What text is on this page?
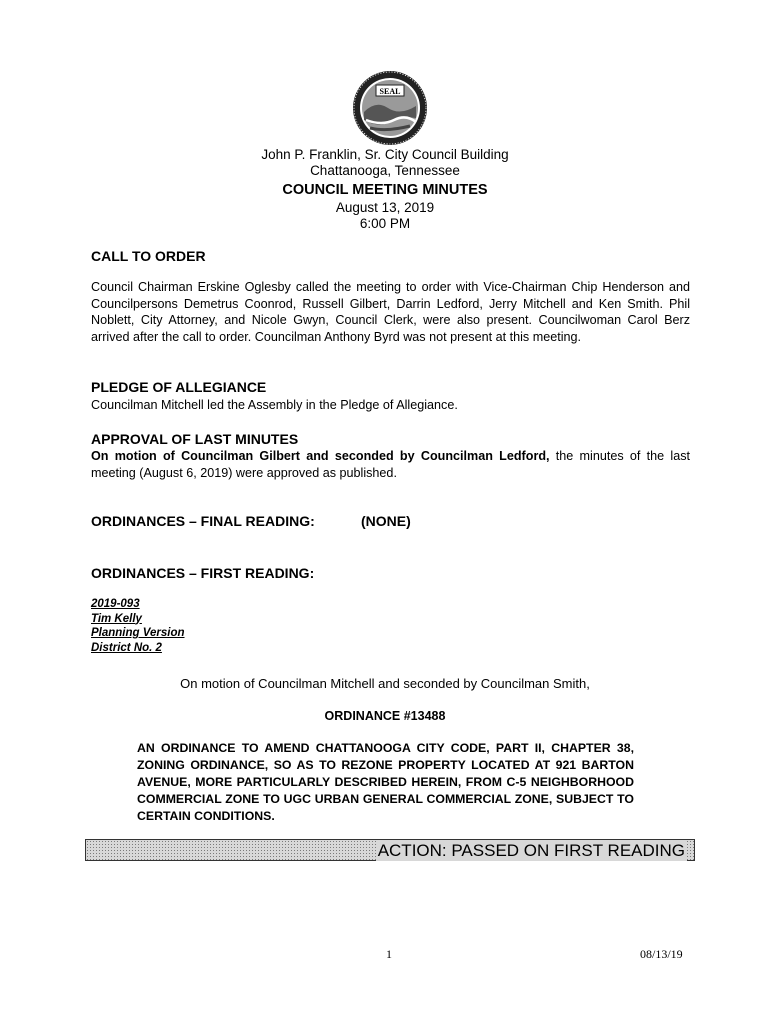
SEAL
John P. Franklin, Sr. City Council Building
Chattanooga, Tennessee
COUNCIL MEETING MINUTES
August 13, 2019
6:00 PM
CALL TO ORDER

Council Chairman Erskine Oglesby called the meeting to order with Vice-Chairman Chip Henderson and Councilpersons Demetrus Coonrod, Russell Gilbert, Darrin Ledford, Jerry Mitchell and Ken Smith. Phil Noblett, City Attorney, and Nicole Gwyn, Council Clerk, were also present. Councilwoman Carol Berz arrived after the call to order. Councilman Anthony Byrd was not present at this meeting.

PLEDGE OF ALLEGIANCE

Councilman Mitchell led the Assembly in the Pledge of Allegiance.

APPROVAL OF LAST MINUTES

On motion of Councilman Gilbert and seconded by Councilman Ledford, the minutes of the last meeting (August 6, 2019) were approved as published.

ORDINANCES – FINAL READING:	(NONE)
ORDINANCES – FIRST READING:
2019-093
Tim Kelly
Planning Version
District No. 2
On motion of Councilman Mitchell and seconded by Councilman Smith,
ORDINANCE #13488

AN ORDINANCE TO AMEND CHATTANOOGA CITY CODE, PART II, CHAPTER 38, ZONING ORDINANCE, SO AS TO REZONE PROPERTY LOCATED AT 921 BARTON AVENUE, MORE PARTICULARLY DESCRIBED HEREIN, FROM C-5 NEIGHBORHOOD COMMERCIAL ZONE TO UGC URBAN GENERAL COMMERCIAL ZONE, SUBJECT TO CERTAIN CONDITIONS.

ACTION: PASSED ON FIRST READING
1	08/13/19
